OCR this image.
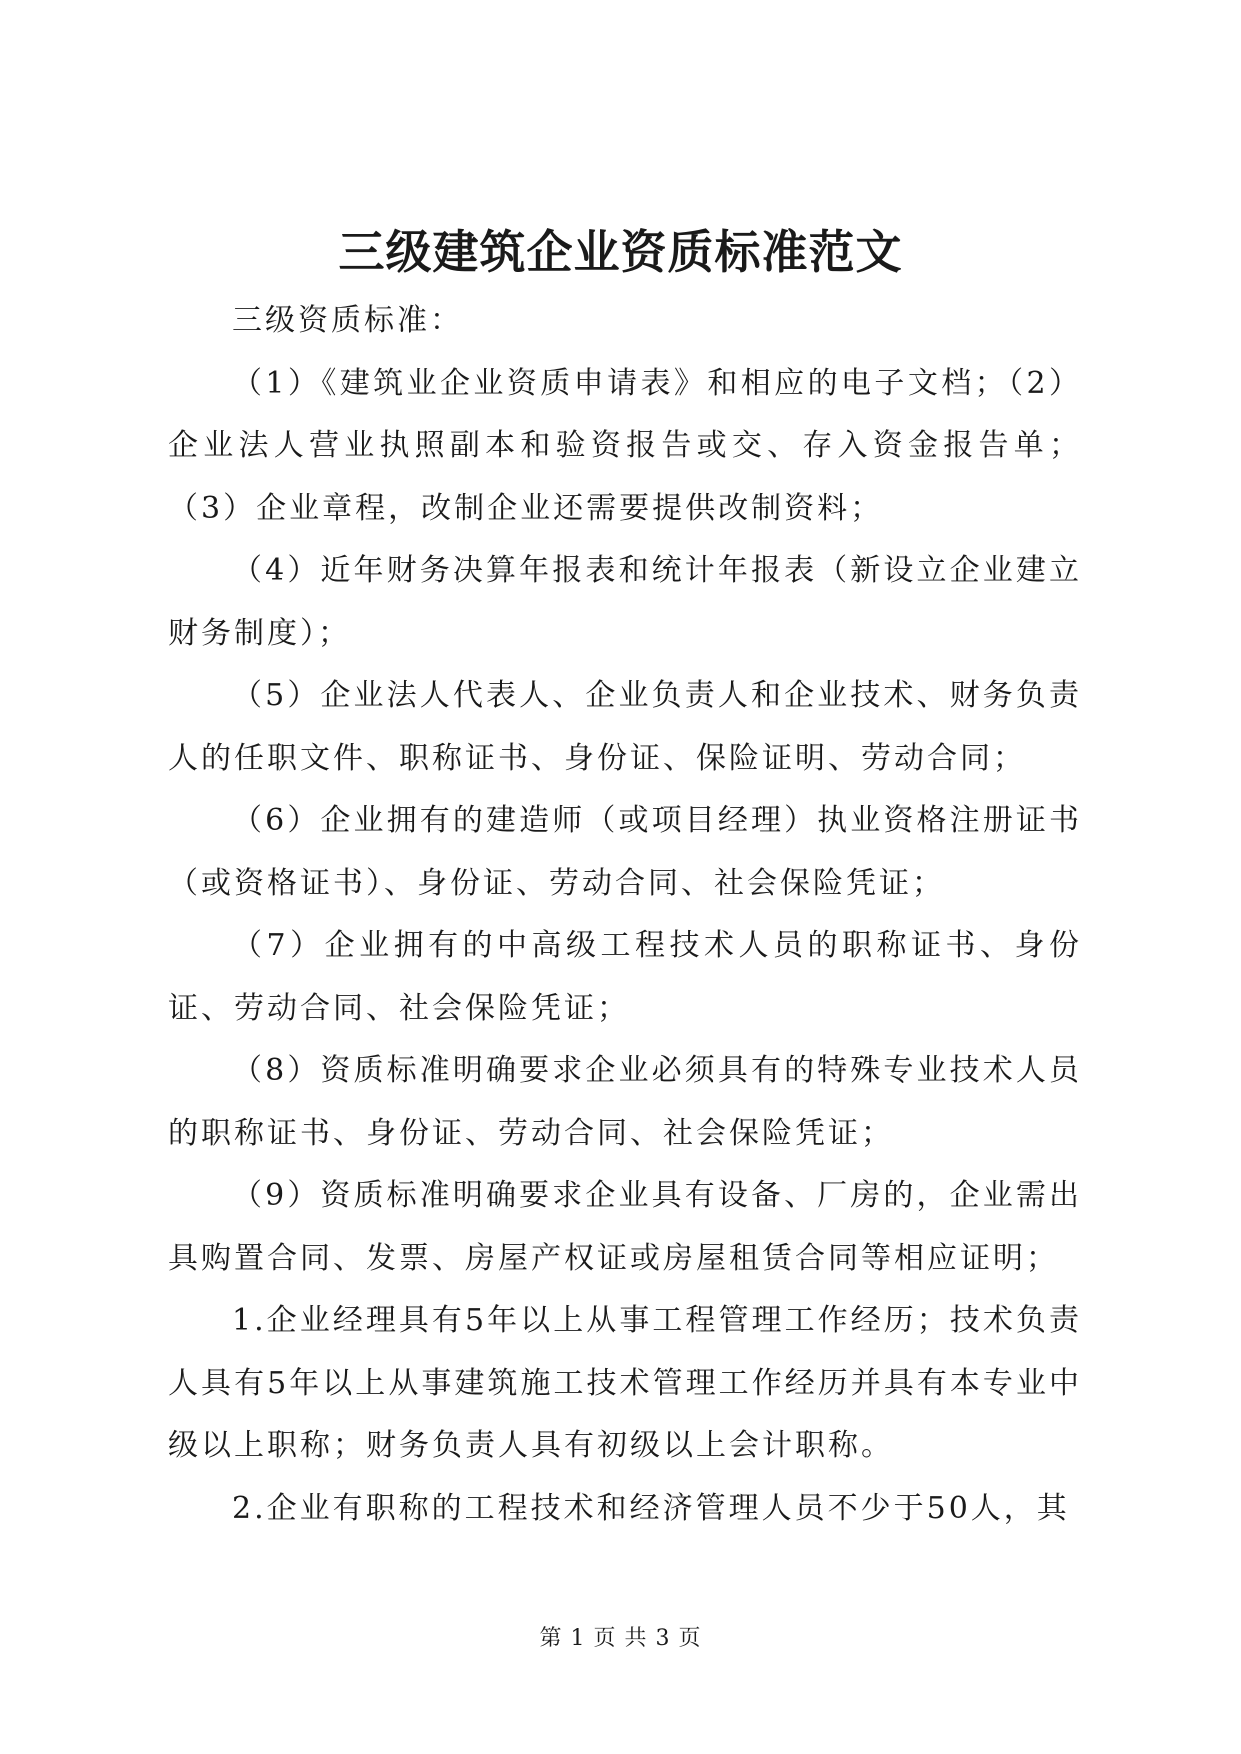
三级建筑企业资质标准范文

三级资质标准：

（1）《建筑业企业资质申请表》和相应的电子文档；（2）企业法人营业执照副本和验资报告或交、存入资金报告单；（3）企业章程，改制企业还需要提供改制资料；

（4）近年财务决算年报表和统计年报表（新设立企业建立财务制度）；

（5）企业法人代表人、企业负责人和企业技术、财务负责人的任职文件、职称证书、身份证、保险证明、劳动合同；

（6）企业拥有的建造师（或项目经理）执业资格注册证书（或资格证书）、身份证、劳动合同、社会保险凭证；

（7）企业拥有的中高级工程技术人员的职称证书、身份证、劳动合同、社会保险凭证；

（8）资质标准明确要求企业必须具有的特殊专业技术人员的职称证书、身份证、劳动合同、社会保险凭证；

（9）资质标准明确要求企业具有设备、厂房的，企业需出具购置合同、发票、房屋产权证或房屋租赁合同等相应证明；

1.企业经理具有5年以上从事工程管理工作经历；技术负责人具有5年以上从事建筑施工技术管理工作经历并具有本专业中级以上职称；财务负责人具有初级以上会计职称。

2.企业有职称的工程技术和经济管理人员不少于50人，其

第 1 页 共 3 页
